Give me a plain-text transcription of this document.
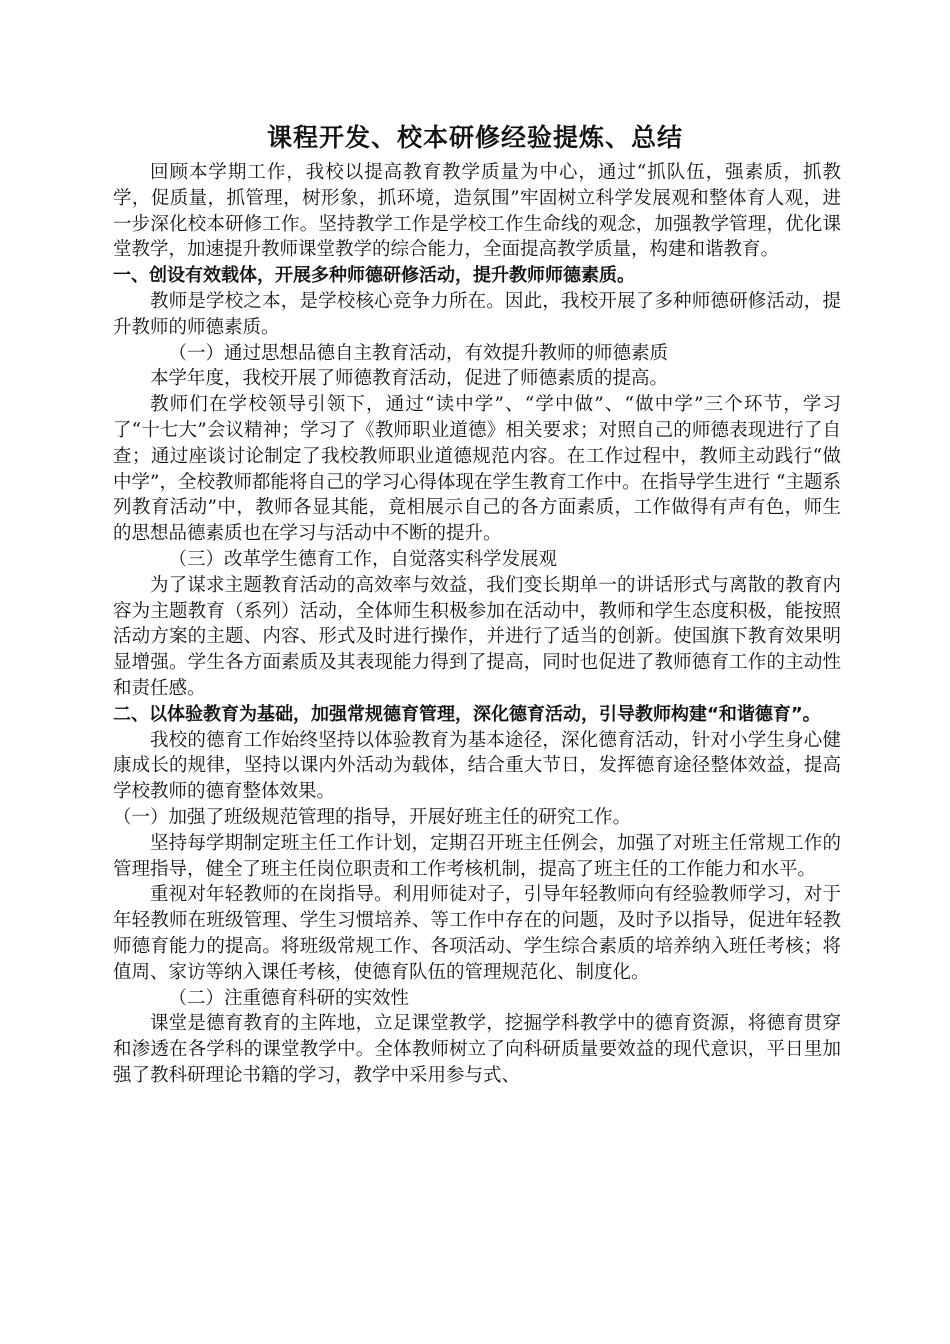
课程开发、校本研修经验提炼、总结

回顾本学期工作，我校以提高教育教学质量为中心，通过“抓队伍，强素质，抓教学，促质量，抓管理，树形象，抓环境，造氛围”牢固树立科学发展观和整体育人观，进一步深化校本研修工作。坚持教学工作是学校工作生命线的观念，加强教学管理，优化课堂教学，加速提升教师课堂教学的综合能力，全面提高教学质量，构建和谐教育。

一、创设有效载体，开展多种师德研修活动，提升教师师德素质。

教师是学校之本，是学校核心竞争力所在。因此，我校开展了多种师德研修活动，提升教师的师德素质。

（一）通过思想品德自主教育活动，有效提升教师的师德素质

本学年度，我校开展了师德教育活动，促进了师德素质的提高。

教师们在学校领导引领下，通过“读中学”、“学中做”、“做中学”三个环节，学习了“十七大”会议精神；学习了《教师职业道德》相关要求；对照自己的师德表现进行了自查；通过座谈讨论制定了我校教师职业道德规范内容。在工作过程中，教师主动践行“做中学”，全校教师都能将自己的学习心得体现在学生教育工作中。在指导学生进行 “主题系列教育活动”中，教师各显其能，竟相展示自己的各方面素质，工作做得有声有色，师生的思想品德素质也在学习与活动中不断的提升。

（三）改革学生德育工作，自觉落实科学发展观

为了谋求主题教育活动的高效率与效益，我们变长期单一的讲话形式与离散的教育内容为主题教育（系列）活动，全体师生积极参加在活动中，教师和学生态度积极，能按照活动方案的主题、内容、形式及时进行操作，并进行了适当的创新。使国旗下教育效果明显增强。学生各方面素质及其表现能力得到了提高，同时也促进了教师德育工作的主动性和责任感。

二、以体验教育为基础，加强常规德育管理，深化德育活动，引导教师构建“和谐德育”。

我校的德育工作始终坚持以体验教育为基本途径，深化德育活动，针对小学生身心健康成长的规律，坚持以课内外活动为载体，结合重大节日，发挥德育途径整体效益，提高学校教师的德育整体效果。

（一）加强了班级规范管理的指导，开展好班主任的研究工作。

坚持每学期制定班主任工作计划，定期召开班主任例会，加强了对班主任常规工作的管理指导，健全了班主任岗位职责和工作考核机制，提高了班主任的工作能力和水平。

重视对年轻教师的在岗指导。利用师徒对子，引导年轻教师向有经验教师学习，对于年轻教师在班级管理、学生习惯培养、等工作中存在的问题，及时予以指导，促进年轻教师德育能力的提高。将班级常规工作、各项活动、学生综合素质的培养纳入班任考核；将值周、家访等纳入课任考核，使德育队伍的管理规范化、制度化。

（二）注重德育科研的实效性

课堂是德育教育的主阵地，立足课堂教学，挖掘学科教学中的德育资源，将德育贯穿和渗透在各学科的课堂教学中。全体教师树立了向科研质量要效益的现代意识，平日里加强了教科研理论书籍的学习，教学中采用参与式、
